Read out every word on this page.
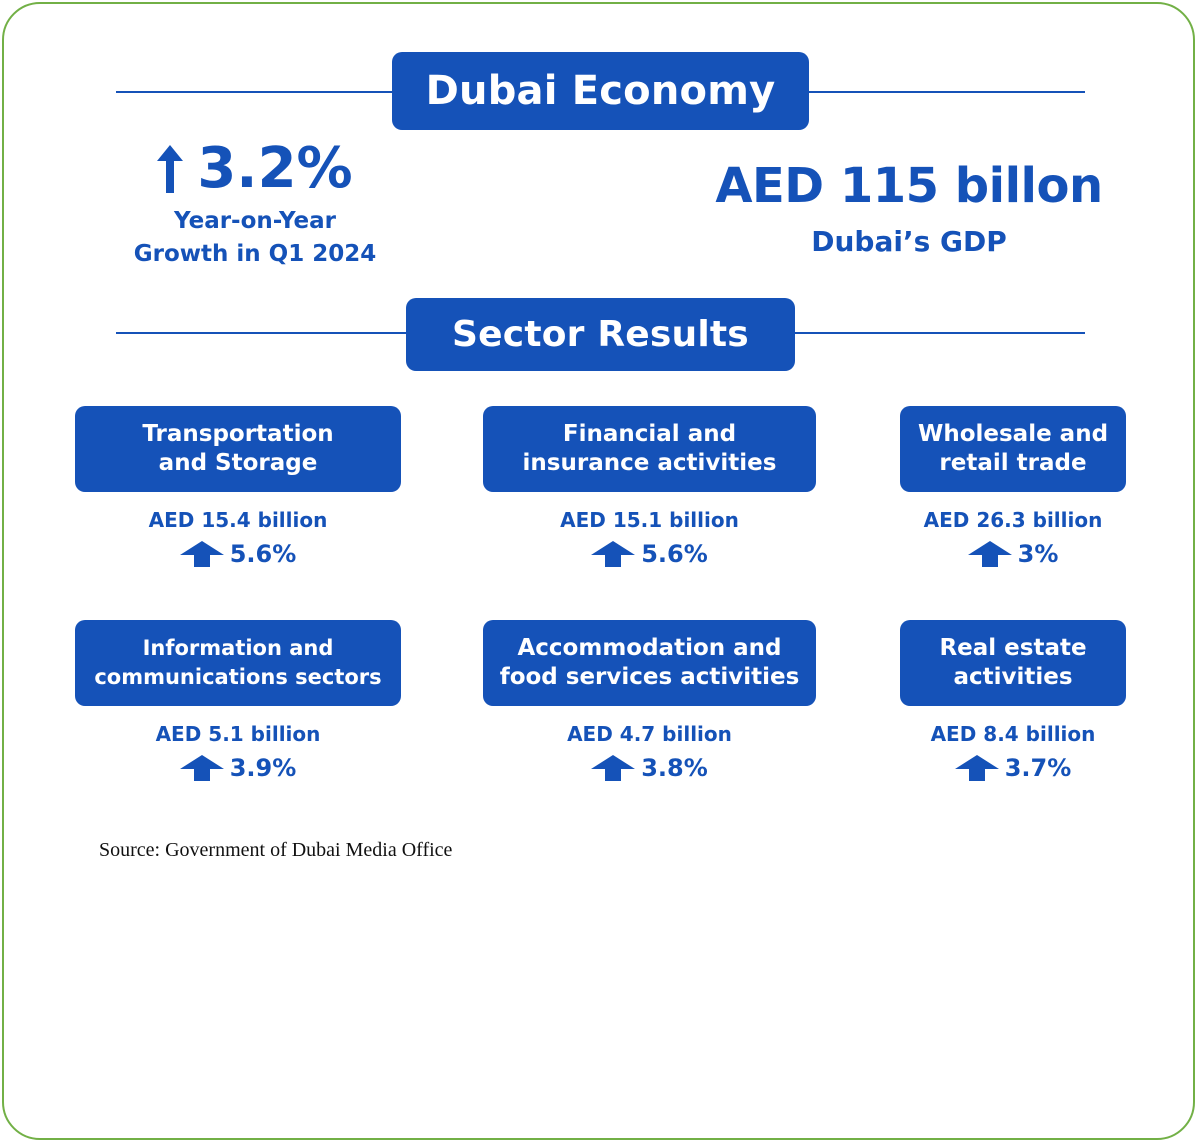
Dubai Economy
3.2%
Year-on-Year
Growth in Q1 2024
AED 115 billon
Dubai’s GDP
Sector Results
Transportation
and Storage
AED 15.4 billion
5.6%
Financial and
insurance activities
AED 15.1 billion
5.6%
Wholesale and
retail trade
AED 26.3 billion
3%
Information and
communications sectors
AED 5.1 billion
3.9%
Accommodation and
food services activities
AED 4.7 billion
3.8%
Real estate
activities
AED 8.4 billion
3.7%
Source: Government of Dubai Media Office
